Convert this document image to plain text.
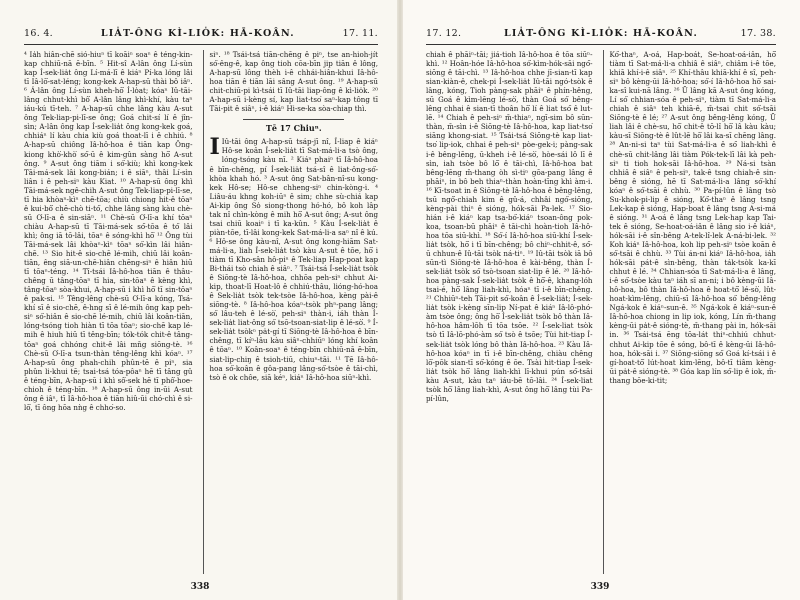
16. 4.	LIA̍T-ÔNG KÌ-LIO̍K: HĀ-KOÂN.	17. 11.

⁴ Ia̍h hiân-chē sió-hiuⁿ tī koāiⁿ soaⁿ ê téng-kin-kap chhiū-nā ē-bīn. ⁵ Hit-sî A-lân ông Lí-sùn kap Í-sek-lia̍t ông Lí-má-lī ê kiáⁿ Pí-ka lóng lâi tī Iâ-lō͘-sat-léng; kong-kek A-hap-sū thài bô iâⁿ. ⁶ Á-lân ông Lí-sùn kheh-hō͘ Í-lo̍at; kóaⁿ Iû-tāi-lâng chhut-khì bô͘ A-lân lâng khì-khí, kàu taⁿ iáu-kú tī-teh. ⁷ A-hap-sū chhe lâng kàu A-sut ông Tek-liap-pi-lī-se ông; Goá chit-sí lí ê jîn-sìn; A-lân ông kap Í-sek-lia̍t ông kong-kek goá, chhiáⁿ lí kàu chia kiù goá thoat-lī i ê chhiú. ⁸ A-hap-sū chiông Iâ-hô-hoa ê tiān kap Ông-kiong khò͘-khò͘ só͘-ū ê kim-gûn sàng hō͘ A-sut ông. ⁹ A-sut ông tiām i só͘-kiù; khì kong-kek Tāi-má-sek lâi kong-bián; i ê siāⁿ, thâi Lí-sìn liân i ê peh-siⁿ kàu Kiat. ¹⁰ A-hap-sū ông khì Tāi-má-sek ngê-chih A-sut ông Tek-liap-pi-lī-se, tī hia khòaⁿ-kìⁿ chē-tōa; chiù chiong hit-ê tōaⁿ ê kui-bô͘ chē-chò ti-tó͘, chhe lâng sàng kàu chè-sū O͘-lī-a ê sin-siāⁿ. ¹¹ Chè-sū O͘-lī-a khí tōaⁿ chiàu A-hap-sū tī Tāi-má-sek só͘-tōa ê tó͘ lâi khì; ông iā tō-lâi, tōaⁿ ê sóng-khì hō͘ ¹² Ông tùi Tāi-má-sek lâi khòaⁿ-kìⁿ tōaⁿ só͘-kìn lâi hiân-chē. ¹³ Sio hit-ê sio-chē lé-mih, chiū lâi koân-tiān, êng siā-un-chē-hiân chēng-siⁿ ê hiân hiū tī tōaⁿ-téng. ¹⁴ Tī-tsái Iâ-hô-hoa tiān ê thâu-chêng ū tâng-tōaⁿ tī hia, sin-tōaⁿ ê kèng khì, tâng-tōaⁿ sòa-khui, A-hap-sū i khì hō͘ tī sin-tōaⁿ ê pak-si. ¹⁵ Têng-lêng chè-sū O͘-lī-a kóng, Tsá-khí sī ê sio-chē, ê-hng sī ê lé-mih ông kap peh-siⁿ só͘-hiân ê sio-chē lé-mih, chiū lâi koân-tiān, lóng-tsóng tioh hiàn tī tōa tōaⁿ; sio-chē kap lé-mih ê hiuh hiū tī têng-bīn; tók-tók chit-ê tâng-tōaⁿ goá chhóng chit-ê lâi mn̄g siōng-tè. ¹⁶ Chè-sū O͘-lī-a tsun-thàn têng-lêng khì kóaⁿ. ¹⁷ A-hap-sū ông phah-chih phûn-tē ê piⁿ, sia phûn li-khui tē; tsai-tsá tóa-pôaⁿ hē tī tâng gû ê téng-bīn, A-hap-sū i khì sô͘-sek hē tī phô͘-hoe-chioh ê téng-bīn. ¹⁸ A-hap-sū ông in-ūi A-sut ông ê iâⁿ, tī Iâ-hô-hoa ê tiān hiû-ūi chó-chì ê si-lō͘, tī ông hōa nǹg ê chho͘-so.

siⁿ. ¹⁸ Tsái-tsá tiān-chēng ê piⁿ, tse an-hioh-jít só͘-êng-ê, kap ông tioh cōa-bīn jip tiān ê lông, A-hap-sū lông thèh i-ê chhái-hiân-khui Iâ-hô-hoa tiān ê tiān lāi sâng A-sut ông. ¹⁹ A-hap-sū chit-chiū-pi kì-tsái tī Iû-tāi liap-ông ê kì-lio̍k. ²⁰ A-hap-sū i-kèng sí, kap liat-tso͘ saⁿ-kap tông tī Tāi-pit ê siâⁿ, i-ê kiáⁿ Hi-se-ka sòa-chiap thì.

Tē 17 Chiuⁿ.

I Iû-tāi ông A-hap-sū tsáp-jī nî, Í-liap ê kiáⁿ Hô-se koân Í-sek-lia̍t tī Sat-má-li-a tsò ông, lóng-tsóng kàu nī. ² Kiáⁿ phaiⁿ tī Iâ-hô-hoa ê bīn-chêng, pí Í-sek-lia̍t tsá-sî ê liat-ông-só͘-khòa khah hó. ³ A-sut ông Sat-bân-nî-su kong-kek Hô-se; Hô-se chheng-siⁿ chin-kòng-i. ⁴ Liâu-áu khng koh-iūⁿ ê sim; chhe sù-chiá kap Ai-kip ông So̍ siong-thong hó-hó, bô koh lâp tak nî chìn-kòng ê mih hō͘ A-sut ông; A-sut ông tsai chiū koaiⁿ i tī ka-kûn. ⁵ Kàu Í-sek-lia̍t ê piàn-tōe, tī-lâi kong-kek Sat-má-li-a saⁿ nî ê kú. ⁶ Hô-se ông kàu-nî, A-sut ông kong-hiām Sat-má-li-a, liah Í-sek-lia̍t tsò kàu A-sut ê tōe, hō͘ i tiàm tī Kho-sân hô-piⁿ ê Tek-liap Hap-poat kap Bi-thái tsò chiah ê siâⁿ. ⁷ Tsái-tsá Í-sek-lia̍t tsòk ê Siōng-tè Iâ-hô-hoa, chhōa peh-siⁿ chhut Ai-kip, thoat-lī Hoat-lô ê chhiú-thâu, lióng-hó-hoa ê Sek-lia̍t tsòk tek-tsòe Iâ-hô-hoa, kèng pài-ê siōng-tè. ⁸ Iâ-hô-hoa kóaⁿ-tsòk phⁿ-pang lâng; só͘ lâu-teh ê lé-sò͘, peh-siⁿ thàn-i, iáh thàn Í-sek-lia̍t liat-ông só͘ tsō-tsoan-siat-lip ê lé-sò͘. ⁹ Í-sek-lia̍t tsòkⁿ pa̍t-gí tī Siōng-tè Iâ-hô-hoa ê bīn-chêng, tī kíⁿ-lâu kàu siâⁿ-chhiūⁿ lóng khí koân ê tōaⁿ. ¹⁰ Koân-soaⁿ ê téng-bīn chhiū-nā ē-bīn, siat-lip-chiŋ ê tsioh-tiū, chiuⁿ-tāi. ¹¹ Tē Iâ-hô-hoa só͘-koân ê gôa-pang lâng-só͘-tsòe ê tāi-chì, tsò ê ok chôe, siā kéⁿ, kiáⁿ Iâ-hô-hoa siūⁿ-khì.

338
17. 12.	LIA̍T-ÔNG KÌ-LIO̍K: HĀ-KOÂN.	17. 38.

chiah ê phāiⁿ-tāi; jiá-tioh Iâ-hô-hoa ê tōa siūⁿ-khì. ¹² Hoân-hóe Iâ-hô-hoa só͘-kìm-hók-sāi ngó͘-siōng ê tāi-chì. ¹³ Iâ-hô-hoa chhe jī-sian-tī kap sian-kiàn-ê, chek-pi Í-sek-lia̍t Iû-tāi ngó-tsòk ê lâng, kóng, Tioh pàng-sak phāiⁿ ê phín-hêng, sū Goá ê kìm-lēng lé-sò͘, thàn Goá só͘ bêng-lêng chhai ê sian-tī thoân hō͘ lí ê liat tsó͘ ê lut-lē. ¹⁴ Chiah ê peh-siⁿ m̄-thiaⁿ, ngī-sim bô sūn-thàn, m̄-sìn i-ê Siōng-tè Iâ-hô-hoa, kap liat-tso͘ siāng khong-siat. ¹⁵ Tsái-tsá Siōng-tè kap liat-tso͘ lip-iok, chhai ê peh-siⁿ pòe-gek-i; pàng-sak i-ê bêng-lēng, ū-kheh i-ê lé-sò͘, hòe-sái lô lī ê sìn, iah tsòe bô lō͘ ê tāi-chì, Iâ-hô-hoa bat bêng-lēng m̄-thang òh sì-tiⁿ gōa-pang lâng ê phāiⁿ, in bô beh thiaⁿ-thàn hoàn-tīng khì àm-i. ¹⁶ Kī-tsoat in ê Siōng-tè Iâ-hô-hoa ê bêng-lēng, tsū ngô͘-chiah kim ê gû-á, chhâi ngó͘-siōng, kèng-pài thiⁿ ê sióng, hók-sāi Pa-lek. ¹⁷ Sio-hián i-ê kiáⁿ kap tsa-bó͘-kiáⁿ tsoan-ông pok-koa, tsoan-bū phāiⁿ ê tāi-chì hoàn-tioh Iâ-hô-hoa tōa siū-khì. ¹⁸ Só͘-í Iâ-hô-hoa siū-khí Í-sek-lia̍t tsòk, hō͘ i tī bīn-chêng; bô chiⁿ-chhit-ê, só͘-ū chhun-ê Iû-tāi tsòk ná-tiⁿ. ¹⁹ Iû-tāi tsòk iā bô sūn-tì Siōng-tè Iâ-hô-hoa ê kài-bêng, thàn Í-sek-lia̍t tsòk só͘ tsò-tsoan siat-lip ê lé. ²⁰ Iâ-hô-hoa pàng-sak Í-sek-lia̍t tsòk ê hō͘-ê, khang-lóh tsai-é, hō͘ lâng liah-khì, hóaⁿ tī i-ê bīn-chêng. ²¹ Chhiūⁿ-teh Tāi-pit só͘-koân ê Í-sek-lia̍t; Í-sek-lia̍t tsòk i-kèng sīn-lip Ní-pat ê kiáⁿ Iâ-lô-phó-àm tsòe ông; ông hō͘ Í-sek-lia̍t tsòk bô thàn Iâ-hô-hoa hâm-lōh tī tōa tsōe. ²² Í-sek-liat tsòk tsò tī Iâ-lō-phó-àm só͘ tsò ê tsōe; Tùi hit-tiap Í-sek-lia̍t tsòk lóng bô thàn Iâ-hô-hoa. ²³ Kàu Iâ-hô-hoa kóaⁿ in tī i-ê bīn-chêng, chiàu chêng lō͘-pōk sian-tī só͘-kóng ê ōe. Tsài hit-tiap Í-sek-lia̍t tsòk hō͘ lâng liah-khì lī-khui pún só͘-tsāi kàu A-sut, kàu taⁿ iáu-bē tō-lâi. ²⁴ Í-sek-liat tsòk hō͘ lâng liah-khì, A-sut ông hō͘ lâng tùi Pa-pí-lûn,

Kó͘-thaⁿ, A-oá, Hap-boát, Se-hoat-oá-iân, hō͘ tiàm tī Sat-má-li-a chhiâ ê siâⁿ, chiâm i-ê tōe, khiā khí-i-ê siâⁿ. ²⁵ Khí-thâu khiā-khí ê sî, peh-siⁿ bô kèng-ūi Iâ-hô-hoa; só͘-í Iâ-hô-hoa hō͘ sai-ka-sî kui-nā lâng. ²⁶ Ū lâng kā A-sut ông kóng, Lí só͘ chhian-sóa ê peh-siⁿ, tiàm tī Sat-má-li-a chiah ê siâⁿ teh khiā-ê, m̄-tsai chit só͘-tsāi Siōng-tè ê lé; ²⁷ A-sut ông bêng-lêng kóng, Ū liah lâi ê chè-su, hō͘ chit-ê tō-lî hō͘ lâ kàu kàu; kàu-sī Siōng-tè ê lût-lē hō͘ lâi ka-sī chēng lâng. ²⁸ An-ni-si taⁿ tùi Sat-má-li-a ê só͘ liah-khì ê chè-sū chit-lâng lâi tiàm Pók-tek-lī lâi kà peh-siⁿ ti tioh hok-sāi Iâ-hô-hoa. ²⁹ Ná-si tsàn chhiâ ê siâⁿ ê peh-siⁿ, tak-ê tsng chiah-ê sin-bêng ê sióng, hē tī Sat-má-li-a lâng só͘-khí kóaⁿ ê só͘-tsāi ê chhù. ³⁰ Pa-pí-lûn ê lâng tsò Su-khok-pi-lip ê sióng, Kó͘-thaⁿ ê lâng tsng Lek-kap ê sióng, Hap-boat ê lâng tsng A-si-má ê sióng. ³¹ A-oá ê lâng tsng Lek-hap kap Tai-tek ê sióng, Se-hoat-oá-iân ê lâng sio i-ê kiáⁿ, hók-sāi i-ê sîn-bêng A-tek-lî-lek A-ná-bi-lek. ³² Koh kiáⁿ Iâ-hô-hoa, koh lip peh-siⁿ tsòe koān ê só͘-tsāi ê chhù. ³³ Tùi án-ni kiáⁿ Iâ-hô-hoa, iáh hók-sāi pát-ê sìn-bêng, thàn ták-tsòk ka-kī chhut ê lé. ³⁴ Chhian-sóa tī Sat-má-li-a ê lâng, i-ê só͘-tsòe kàu taⁿ iáh sī an-ni; i bô kèng-ūi Iâ-hô-hoa, bô thàn Iâ-hô-hoa ê hoat-tō͘ lé-sò͘, lût-hoat-kìm-lēng, chiū-sī Iâ-hô-hoa só͘ bêng-lêng Ngá-kok ê kiáⁿ-sun-ê. ³⁵ Ngá-kok ê kiáⁿ-sun-ê Iâ-hô-hoa chiong in lip iok, kóng, Lín m̄-thang kèng-ūi pa̍t-ê sióng-tè, m̄-thang pài in, hók-sāi in. ³⁶ Tsái-tsá ēng tōa-lát thiⁿ-chhiú chhut-chhut Ai-kip tōe ê sóng, bô-tī ê kèng-ūi Iâ-hô-hoa, hók-sāi i. ³⁷ Siōng-siōng só͘ Goá kí-tsái i ê gí-hoat-tō͘ lút-hoat kìm-lēng, bô-tī tiâm kèng-ūi pa̍t-ê sióng-tè. ³⁸ Góa kap lín só͘-lip ê iok, m̄-thang bōe-ki-tit;

339
